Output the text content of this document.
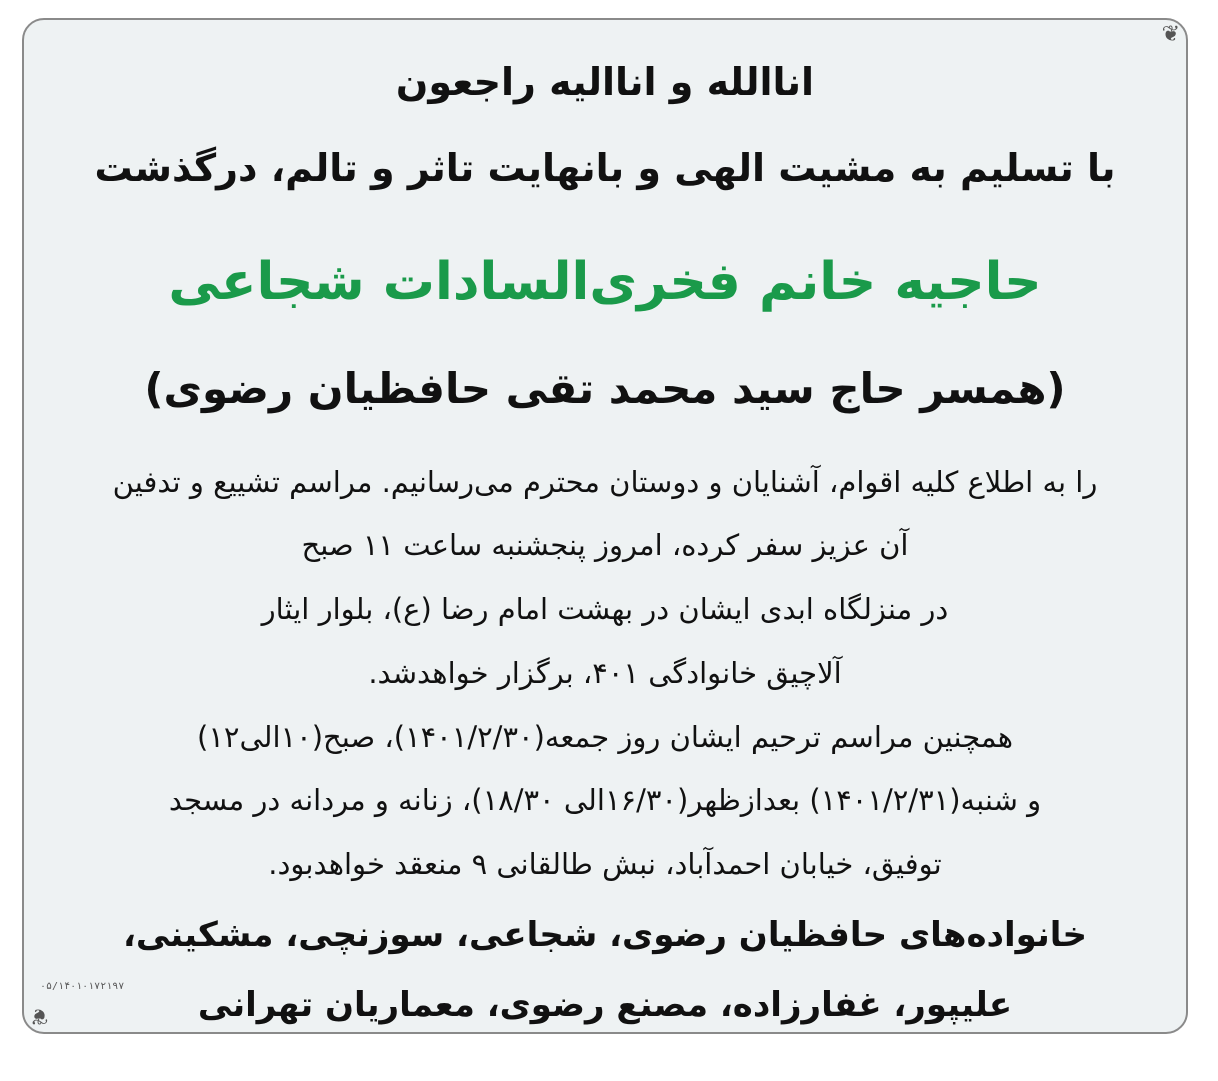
❦
اناالله و اناالیه راجعون
با تسلیم به مشیت الهی و بانهایت تاثر و تالم، درگذشت
حاجیه خانم فخری‌السادات شجاعی
(همسر حاج سید محمد تقی حافظیان رضوی)
را به اطلاع کلیه اقوام، آشنایان و دوستان محترم می‌رسانیم. مراسم تشییع و تدفین
آن عزیز سفر کرده، امروز پنجشنبه ساعت ۱۱ صبح
در منزلگاه ابدی ایشان در بهشت امام رضا (ع)، بلوار ایثار
آلاچیق خانوادگی ۴۰۱، برگزار خواهدشد.
همچنین مراسم ترحیم ایشان روز جمعه(۱۴۰۱/۲/۳۰)، صبح(۱۰الی۱۲)
و شنبه(۱۴۰۱/۲/۳۱) بعدازظهر(۱۶/۳۰الی ۱۸/۳۰)، زنانه و مردانه در مسجد
توفیق، خیابان احمدآباد، نبش طالقانی ۹ منعقد خواهدبود.
خانواده‌های حافظیان رضوی، شجاعی، سوزنچی، مشکینی،
علیپور، غفارزاده، مصنع رضوی، معماریان تهرانی
۰۵/۱۴۰۱۰۱۷۲۱۹۷
❦
